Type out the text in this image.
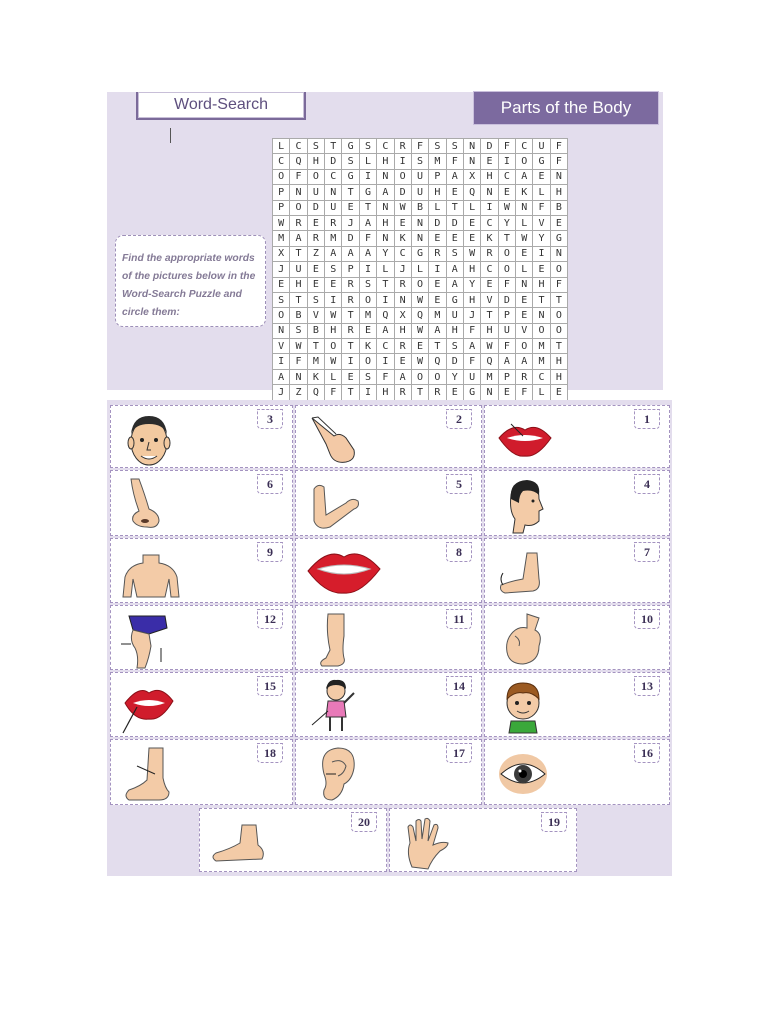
Word-Search	Parts of the Body

Find the appropriate words of the pictures below in the Word-Search Puzzle and circle them:

L	C	S	T	G	S	C	R	F	S	S	N	D	F	C	U	F
C	Q	H	D	S	L	H	I	S	M	F	N	E	I	O	G	F
O	F	O	C	G	I	N	O	U	P	A	X	H	C	A	E	N
P	N	U	N	T	G	A	D	U	H	E	Q	N	E	K	L	H
P	O	D	U	E	T	N	W	B	L	T	L	I	W	N	F	B
W	R	E	R	J	A	H	E	N	D	D	E	C	Y	L	V	E
M	A	R	M	D	F	N	K	N	E	E	E	K	T	W	Y	G
X	T	Z	A	A	A	Y	C	G	R	S	W	R	O	E	I	N
J	U	E	S	P	I	L	J	L	I	A	H	C	O	L	E	O
E	H	E	E	R	S	T	R	O	E	A	Y	E	F	N	H	F
S	T	S	I	R	O	I	N	W	E	G	H	V	D	E	T	T
O	B	V	W	T	M	Q	X	Q	M	U	J	T	P	E	N	O
N	S	B	H	R	E	A	H	W	A	H	F	H	U	V	O	O
V	W	T	O	T	K	C	R	E	T	S	A	W	F	O	M	T
I	F	M	W	I	O	I	E	W	Q	D	F	Q	A	A	M	H
A	N	K	L	E	S	F	A	O	O	Y	U	M	P	R	C	H
J	Z	Q	F	T	I	H	R	T	R	E	G	N	E	F	L	E
3	2	1
6	5	4
9	8	7
12	11	10
15	14	13
18	17	16
20	19
